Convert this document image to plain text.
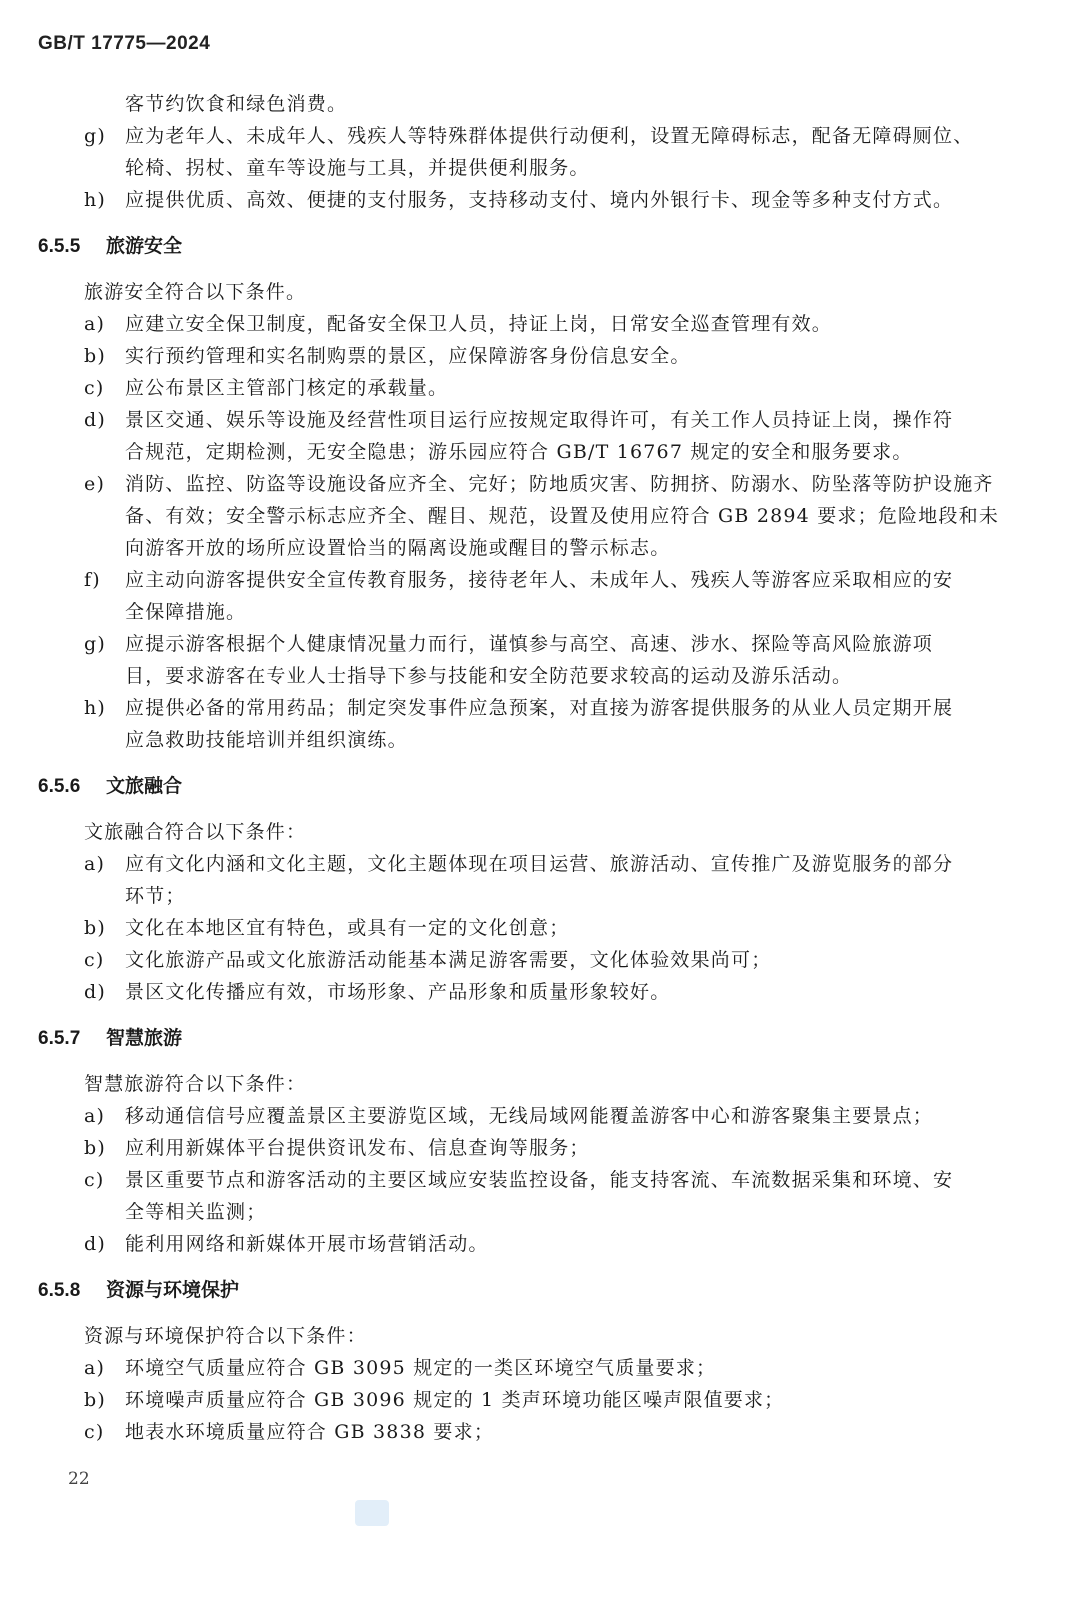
GB/T 17775—2024
客节约饮食和绿色消费。
g) 应为老年人、未成年人、残疾人等特殊群体提供行动便利，设置无障碍标志，配备无障碍厕位、
轮椅、拐杖、童车等设施与工具，并提供便利服务。
h) 应提供优质、高效、便捷的支付服务，支持移动支付、境内外银行卡、现金等多种支付方式。
6.5.5 旅游安全
旅游安全符合以下条件。
a) 应建立安全保卫制度，配备安全保卫人员，持证上岗，日常安全巡查管理有效。
b) 实行预约管理和实名制购票的景区，应保障游客身份信息安全。
c) 应公布景区主管部门核定的承载量。
d) 景区交通、娱乐等设施及经营性项目运行应按规定取得许可，有关工作人员持证上岗，操作符
合规范，定期检测，无安全隐患；游乐园应符合 GB/T 16767 规定的安全和服务要求。
e) 消防、监控、防盗等设施设备应齐全、完好；防地质灾害、防拥挤、防溺水、防坠落等防护设施齐
备、有效；安全警示标志应齐全、醒目、规范，设置及使用应符合 GB 2894 要求；危险地段和未
向游客开放的场所应设置恰当的隔离设施或醒目的警示标志。
f) 应主动向游客提供安全宣传教育服务，接待老年人、未成年人、残疾人等游客应采取相应的安
全保障措施。
g) 应提示游客根据个人健康情况量力而行，谨慎参与高空、高速、涉水、探险等高风险旅游项
目，要求游客在专业人士指导下参与技能和安全防范要求较高的运动及游乐活动。
h) 应提供必备的常用药品；制定突发事件应急预案，对直接为游客提供服务的从业人员定期开展
应急救助技能培训并组织演练。
6.5.6 文旅融合
文旅融合符合以下条件：
a) 应有文化内涵和文化主题，文化主题体现在项目运营、旅游活动、宣传推广及游览服务的部分
环节；
b) 文化在本地区宜有特色，或具有一定的文化创意；
c) 文化旅游产品或文化旅游活动能基本满足游客需要，文化体验效果尚可；
d) 景区文化传播应有效，市场形象、产品形象和质量形象较好。
6.5.7 智慧旅游
智慧旅游符合以下条件：
a) 移动通信信号应覆盖景区主要游览区域，无线局域网能覆盖游客中心和游客聚集主要景点；
b) 应利用新媒体平台提供资讯发布、信息查询等服务；
c) 景区重要节点和游客活动的主要区域应安装监控设备，能支持客流、车流数据采集和环境、安
全等相关监测；
d) 能利用网络和新媒体开展市场营销活动。
6.5.8 资源与环境保护
资源与环境保护符合以下条件：
a) 环境空气质量应符合 GB 3095 规定的一类区环境空气质量要求；
b) 环境噪声质量应符合 GB 3096 规定的 1 类声环境功能区噪声限值要求；
c) 地表水环境质量应符合 GB 3838 要求；
22
